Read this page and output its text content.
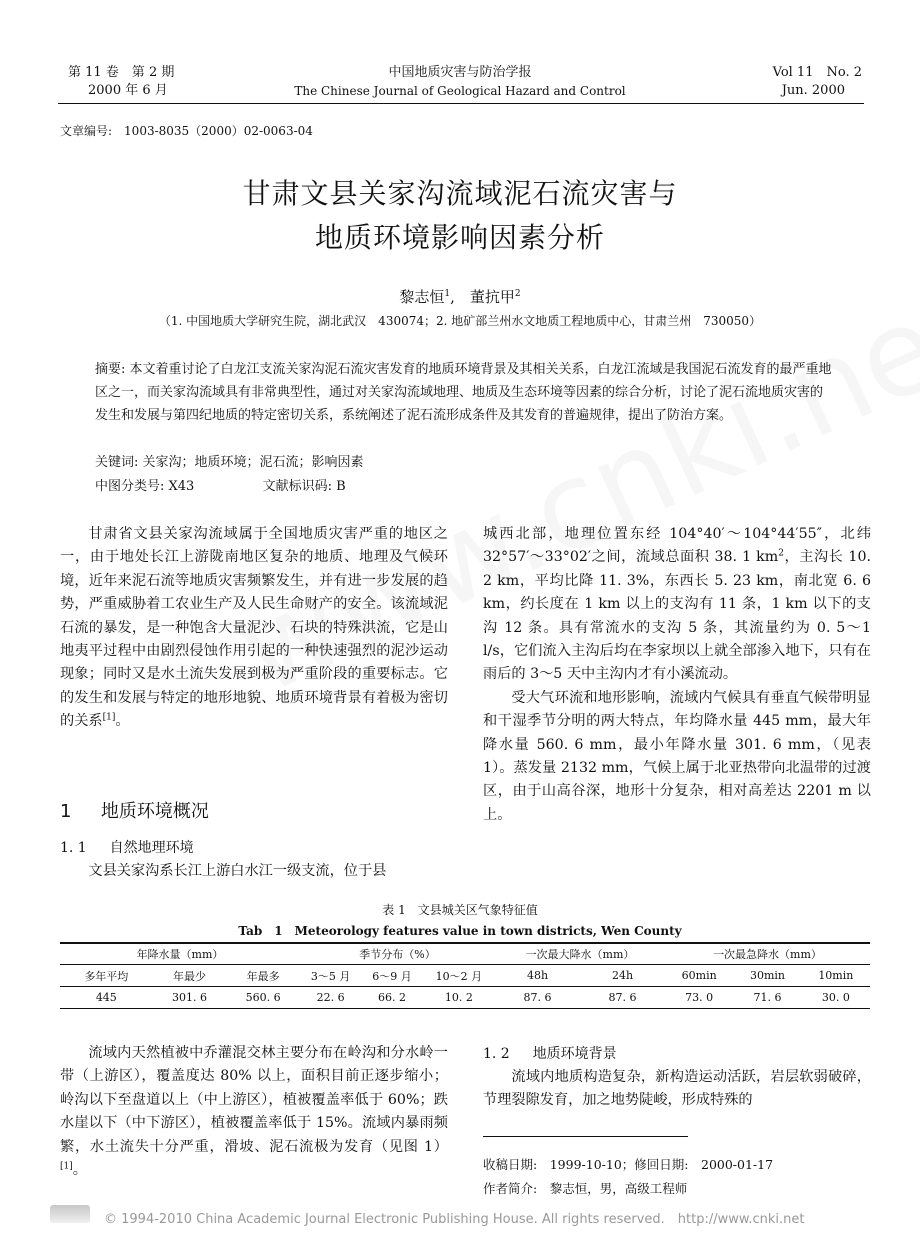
第 11 卷　第 2 期
2000 年 6 月
中国地质灾害与防治学报
The Chinese Journal of Geological Hazard and Control
Vol 11　No. 2
Jun. 2000
文章编号:　1003-8035（2000）02-0063-04
甘肃文县关家沟流域泥石流灾害与
地质环境影响因素分析
黎志恒$^1$,　董抗甲$^2$
（1. 中国地质大学研究生院，湖北武汉　430074；2. 地矿部兰州水文地质工程地质中心，甘肃兰州　730050）
摘要: 本文着重讨论了白龙江支流关家沟泥石流灾害发育的地质环境背景及其相关关系，白龙江流域是我国泥石流发育的最严重地区之一，而关家沟流域具有非常典型性，通过对关家沟流域地理、地质及生态环境等因素的综合分析，讨论了泥石流地质灾害的发生和发展与第四纪地质的特定密切关系，系统阐述了泥石流形成条件及其发育的普遍规律，提出了防治方案。
关键词: 关家沟；地质环境；泥石流；影响因素
中图分类号: X43	文献标识码: B

甘肃省文县关家沟流域属于全国地质灾害严重的地区之一，由于地处长江上游陇南地区复杂的地质、地理及气候环境，近年来泥石流等地质灾害频繁发生，并有进一步发展的趋势，严重威胁着工农业生产及人民生命财产的安全。该流域泥石流的暴发，是一种饱含大量泥沙、石块的特殊洪流，它是山地夷平过程中由剧烈侵蚀作用引起的一种快速强烈的泥沙运动现象；同时又是水土流失发展到极为严重阶段的重要标志。它的发生和发展与特定的地形地貌、地质环境背景有着极为密切的关系[1]。

1 地质环境概况
1. 1 自然地理环境

文县关家沟系长江上游白水江一级支流，位于县

城西北部，地理位置东经 104°40′～104°44′55″，北纬 32°57′～33°02′之间，流域总面积 38. 1 $km^2$，主沟长 10. 2 km，平均比降 11. 3%，东西长 5. 23 km，南北宽 6. 6 km，约长度在 1 km 以上的支沟有 11 条，1 km 以下的支沟 12 条。具有常流水的支沟 5 条，其流量约为 0. 5～1 l/s，它们流入主沟后均在李家坝以上就全部渗入地下，只有在雨后的 3～5 天中主沟内才有小溪流动。

受大气环流和地形影响，流域内气候具有垂直气候带明显和干湿季节分明的两大特点，年均降水量 445 mm，最大年降水量 560. 6 mm，最小年降水量 301. 6 mm，（见表 1）。蒸发量 2132 mm，气候上属于北亚热带向北温带的过渡区，由于山高谷深，地形十分复杂，相对高差达 2201 m 以上。

表 1　文县城关区气象特征值
Tab　1　Meteorology features value in town districts, Wen County
年降水量（mm）			季节分布（%）			一次最大降水（mm）		一次最急降水（mm）		
多年平均	年最少	年最多	3～5 月	6～9 月	10～2 月	48h	24h	60min	30min	10min
445	301. 6	560. 6	22. 6	66. 2	10. 2	87. 6	87. 6	73. 0	71. 6	30. 0

流域内天然植被中乔灌混交林主要分布在岭沟和分水岭一带（上游区），覆盖度达 80% 以上，面积目前正逐步缩小；岭沟以下至盘道以上（中上游区），植被覆盖率低于 60%；跌水崖以下（中下游区），植被覆盖率低于 15%。流域内暴雨频繁，水土流失十分严重，滑坡、泥石流极为发育（见图 1）[1]。

1. 2 地质环境背景

流域内地质构造复杂，新构造运动活跃，岩层软弱破碎，节理裂隙发育，加之地势陡峻，形成特殊的

收稿日期:　1999-10-10；修回日期:　2000-01-17
作者简介:　黎志恒，男，高级工程师
© 1994-2010 China Academic Journal Electronic Publishing House. All rights reserved.　http://www.cnki.net
